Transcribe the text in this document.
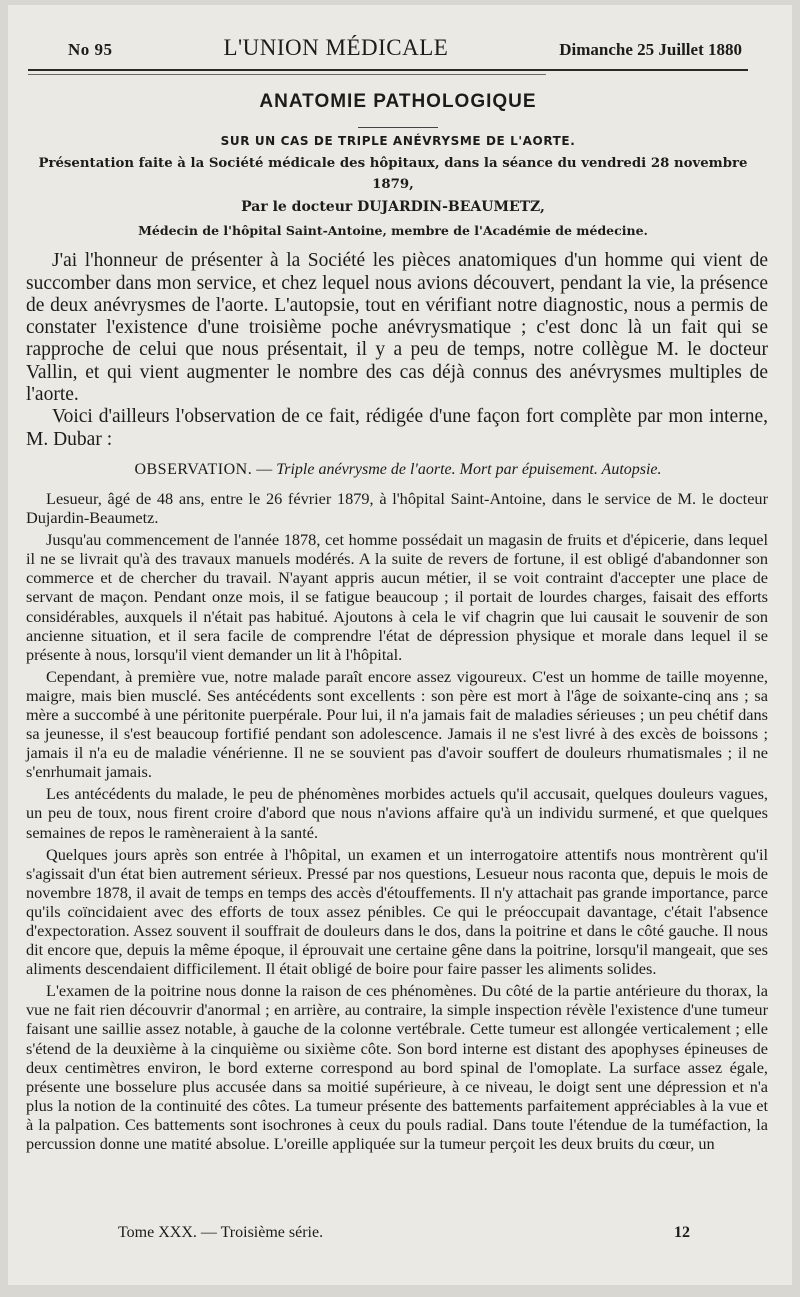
No 95	L'UNION MÉDICALE	Dimanche 25 Juillet 1880
ANATOMIE PATHOLOGIQUE
SUR UN CAS DE TRIPLE ANÉVRYSME DE L'AORTE.
Présentation faite à la Société médicale des hôpitaux, dans la séance du vendredi 28 novembre 1879,
Par le docteur DUJARDIN-BEAUMETZ,
Médecin de l'hôpital Saint-Antoine, membre de l'Académie de médecine.

J'ai l'honneur de présenter à la Société les pièces anatomiques d'un homme qui vient de succomber dans mon service, et chez lequel nous avions découvert, pendant la vie, la présence de deux anévrysmes de l'aorte. L'autopsie, tout en vérifiant notre diagnostic, nous a permis de constater l'existence d'une troisième poche anévrysmatique ; c'est donc là un fait qui se rapproche de celui que nous présentait, il y a peu de temps, notre collègue M. le docteur Vallin, et qui vient augmenter le nombre des cas déjà connus des anévrysmes multiples de l'aorte.

Voici d'ailleurs l'observation de ce fait, rédigée d'une façon fort complète par mon interne, M. Dubar :

OBSERVATION. — Triple anévrysme de l'aorte. Mort par épuisement. Autopsie.

Lesueur, âgé de 48 ans, entre le 26 février 1879, à l'hôpital Saint-Antoine, dans le service de M. le docteur Dujardin-Beaumetz.

Jusqu'au commencement de l'année 1878, cet homme possédait un magasin de fruits et d'épicerie, dans lequel il ne se livrait qu'à des travaux manuels modérés. A la suite de revers de fortune, il est obligé d'abandonner son commerce et de chercher du travail. N'ayant appris aucun métier, il se voit contraint d'accepter une place de servant de maçon. Pendant onze mois, il se fatigue beaucoup ; il portait de lourdes charges, faisait des efforts considérables, auxquels il n'était pas habitué. Ajoutons à cela le vif chagrin que lui causait le souvenir de son ancienne situation, et il sera facile de comprendre l'état de dépression physique et morale dans lequel il se présente à nous, lorsqu'il vient demander un lit à l'hôpital.

Cependant, à première vue, notre malade paraît encore assez vigoureux. C'est un homme de taille moyenne, maigre, mais bien musclé. Ses antécédents sont excellents : son père est mort à l'âge de soixante-cinq ans ; sa mère a succombé à une péritonite puerpérale. Pour lui, il n'a jamais fait de maladies sérieuses ; un peu chétif dans sa jeunesse, il s'est beaucoup fortifié pendant son adolescence. Jamais il ne s'est livré à des excès de boissons ; jamais il n'a eu de maladie vénérienne. Il ne se souvient pas d'avoir souffert de douleurs rhumatismales ; il ne s'enrhumait jamais.

Les antécédents du malade, le peu de phénomènes morbides actuels qu'il accusait, quelques douleurs vagues, un peu de toux, nous firent croire d'abord que nous n'avions affaire qu'à un individu surmené, et que quelques semaines de repos le ramèneraient à la santé.

Quelques jours après son entrée à l'hôpital, un examen et un interrogatoire attentifs nous montrèrent qu'il s'agissait d'un état bien autrement sérieux. Pressé par nos questions, Lesueur nous raconta que, depuis le mois de novembre 1878, il avait de temps en temps des accès d'étouffements. Il n'y attachait pas grande importance, parce qu'ils coïncidaient avec des efforts de toux assez pénibles. Ce qui le préoccupait davantage, c'était l'absence d'expectoration. Assez souvent il souffrait de douleurs dans le dos, dans la poitrine et dans le côté gauche. Il nous dit encore que, depuis la même époque, il éprouvait une certaine gêne dans la poitrine, lorsqu'il mangeait, que ses aliments descendaient difficilement. Il était obligé de boire pour faire passer les aliments solides.

L'examen de la poitrine nous donne la raison de ces phénomènes. Du côté de la partie antérieure du thorax, la vue ne fait rien découvrir d'anormal ; en arrière, au contraire, la simple inspection révèle l'existence d'une tumeur faisant une saillie assez notable, à gauche de la colonne vertébrale. Cette tumeur est allongée verticalement ; elle s'étend de la deuxième à la cinquième ou sixième côte. Son bord interne est distant des apophyses épineuses de deux centimètres environ, le bord externe correspond au bord spinal de l'omoplate. La surface assez égale, présente une bosselure plus accusée dans sa moitié supérieure, à ce niveau, le doigt sent une dépression et n'a plus la notion de la continuité des côtes. La tumeur présente des battements parfaitement appréciables à la vue et à la palpation. Ces battements sont isochrones à ceux du pouls radial. Dans toute l'étendue de la tuméfaction, la percussion donne une matité absolue. L'oreille appliquée sur la tumeur perçoit les deux bruits du cœur, un

Tome XXX. — Troisième série.	12
